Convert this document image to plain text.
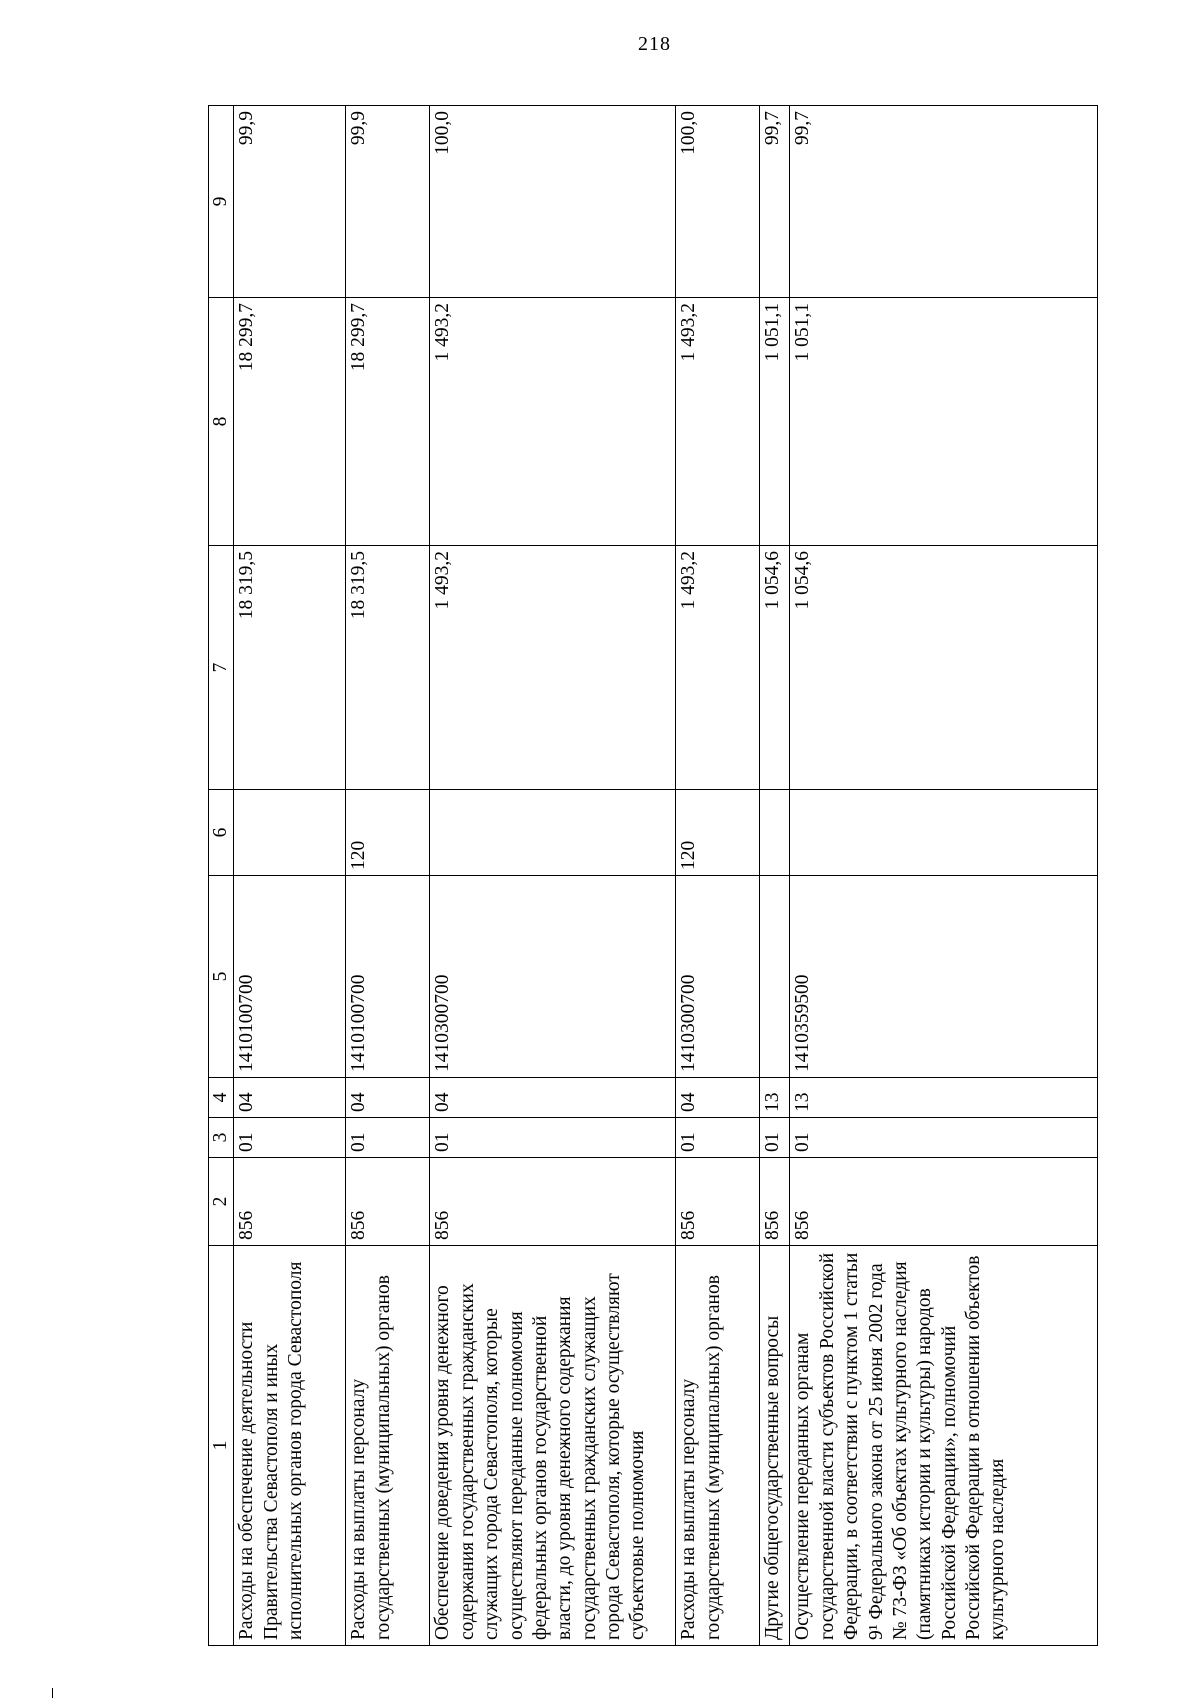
218
1	2	3	4	5	6	7	8	9
Расходы на обеспечение деятельности Правительства Севастополя и иных исполнительных органов города Севастополя	856	01	04	1410100700		18 319,5	18 299,7	99,9
Расходы на выплаты персоналу государственных (муниципальных) органов	856	01	04	1410100700	120	18 319,5	18 299,7	99,9
Обеспечение доведения уровня денежного содержания государственных гражданских служащих города Севастополя, которые осуществляют переданные полномочия федеральных органов государственной власти, до уровня денежного содержания государственных гражданских служащих города Севастополя, которые осуществляют субъектовые полномочия	856	01	04	1410300700		1 493,2	1 493,2	100,0
Расходы на выплаты персоналу государственных (муниципальных) органов	856	01	04	1410300700	120	1 493,2	1 493,2	100,0
Другие общегосударственные вопросы	856	01	13			1 054,6	1 051,1	99,7
Осуществление переданных органам государственной власти субъектов Российской Федерации, в соответствии с пунктом 1 статьи 9¹ Федерального закона от 25 июня 2002 года № 73-ФЗ «Об объектах культурного наследия (памятниках истории и культуры) народов Российской Федерации», полномочий Российской Федерации в отношении объектов культурного наследия	856	01	13	1410359500		1 054,6	1 051,1	99,7
